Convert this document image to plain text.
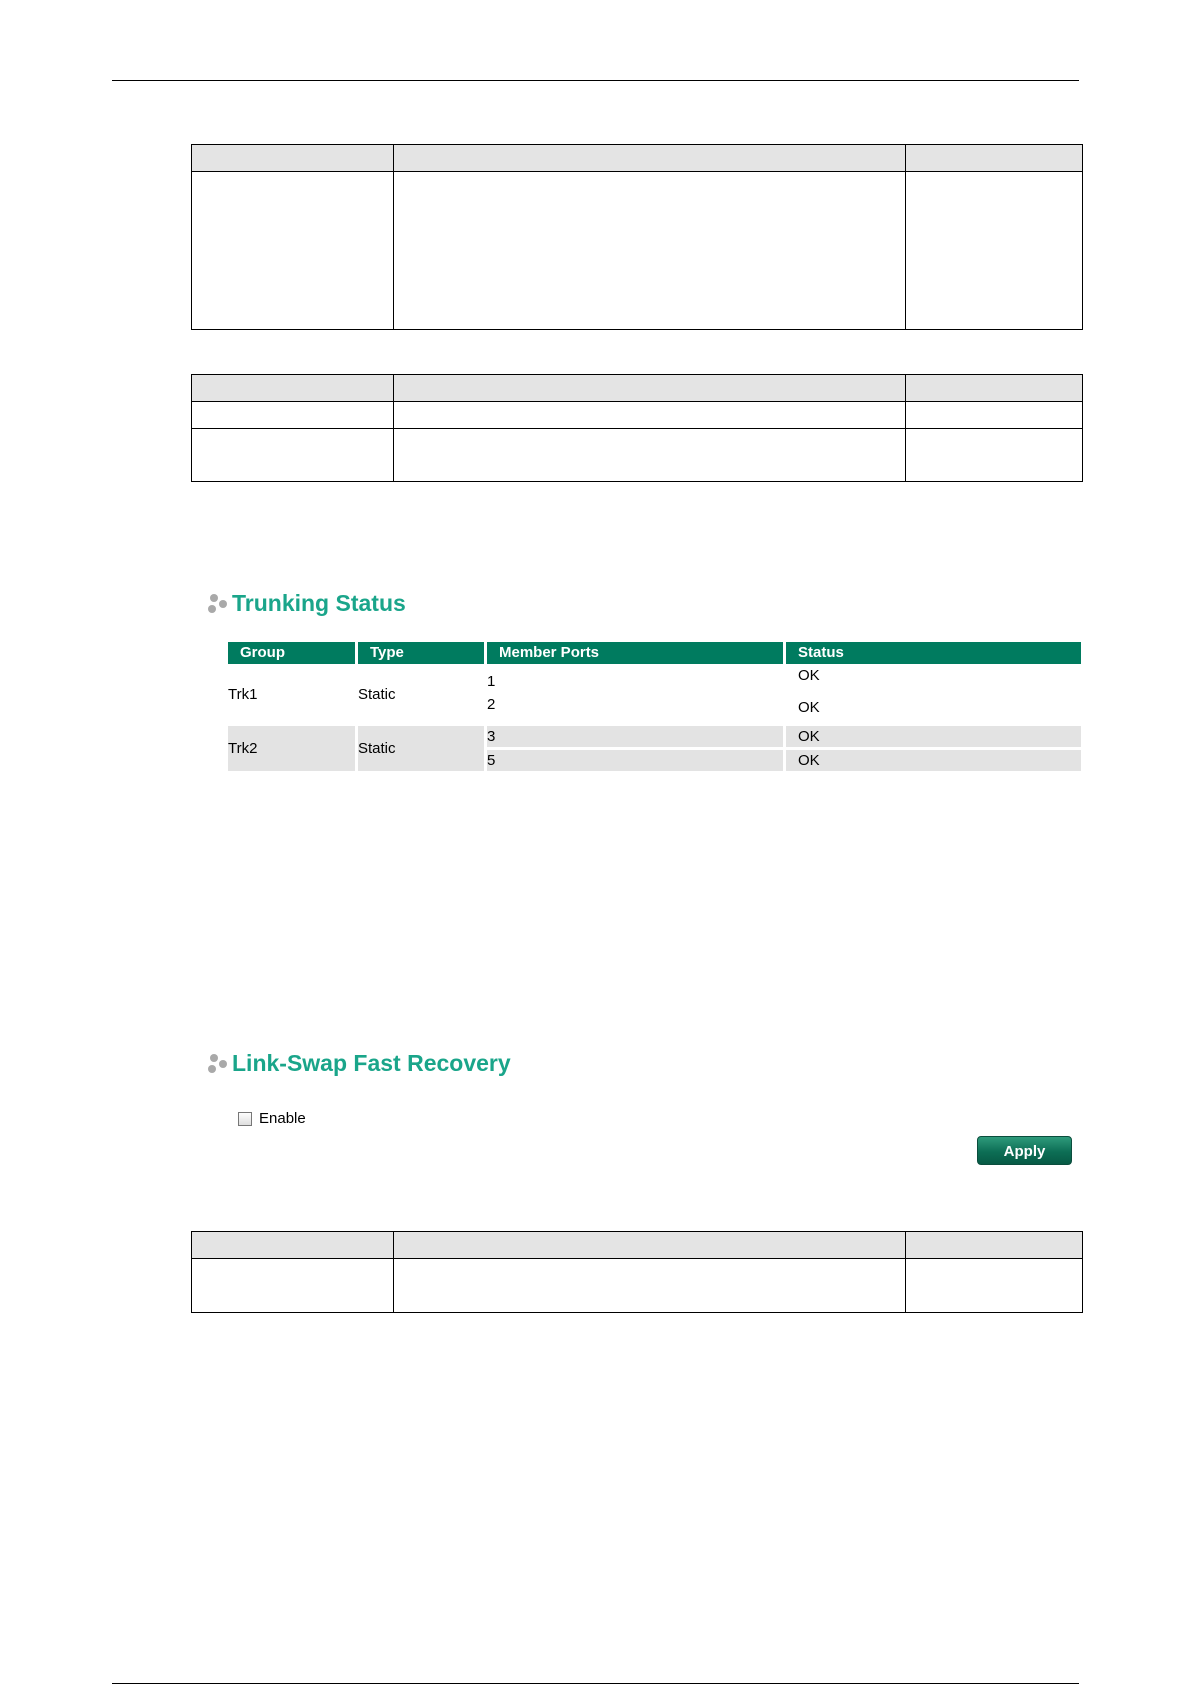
Trunking Status
Group	Type	Member Ports	Status
Trk1	Static
1	OK
2	OK
Trk2	Static
3	OK
5	OK
Link-Swap Fast Recovery
Enable
Apply
